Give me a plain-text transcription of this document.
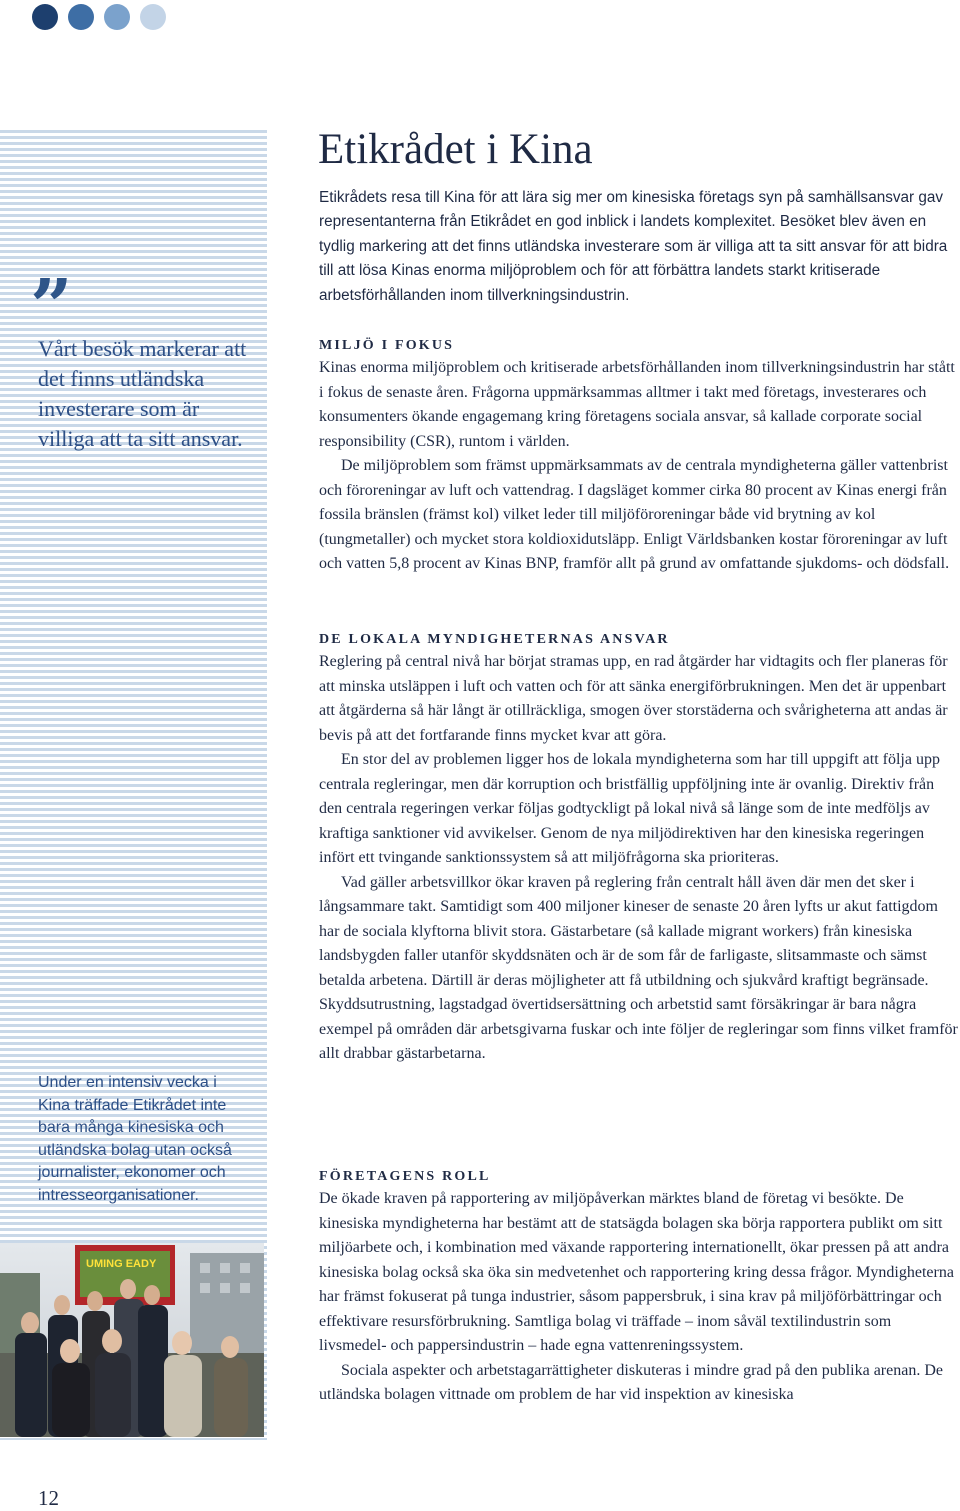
”
Vårt besök markerar att det finns utländska investerare som är villiga att ta sitt ansvar.
Under en intensiv vecka i Kina träffade Etikrådet inte bara många kinesiska och utländska bolag utan också journalister, ekonomer och intresseorganisationer.
UMING EADY
12
Etikrådet i Kina

Etikrådets resa till Kina för att lära sig mer om kinesiska företags syn på samhällsansvar gav representanterna från Etikrådet en god inblick i landets komplexitet. Besöket blev även en tydlig markering att det finns utländska investerare som är villiga att ta sitt ansvar för att bidra till att lösa Kinas enorma miljöproblem och för att förbättra landets starkt kritiserade arbetsförhållanden inom tillverkningsindustrin.

MILJÖ I FOKUS

Kinas enorma miljöproblem och kritiserade arbetsförhållanden inom tillverkningsindustrin har stått i fokus de senaste åren. Frågorna uppmärksammas alltmer i takt med företags, investerares och konsumenters ökande engagemang kring företagens sociala ansvar, så kallade corporate social responsibility (CSR), runtom i världen.

De miljöproblem som främst uppmärksammats av de centrala myndigheterna gäller vattenbrist och föroreningar av luft och vattendrag. I dagsläget kommer cirka 80 procent av Kinas energi från fossila bränslen (främst kol) vilket leder till miljöföroreningar både vid brytning av kol (tungmetaller) och mycket stora koldioxidutsläpp. Enligt Världsbanken kostar föroreningar av luft och vatten 5,8 procent av Kinas BNP, framför allt på grund av omfattande sjukdoms- och dödsfall.

DE LOKALA MYNDIGHETERNAS ANSVAR

Reglering på central nivå har börjat stramas upp, en rad åtgärder har vidtagits och fler planeras för att minska utsläppen i luft och vatten och för att sänka energiförbrukningen. Men det är uppenbart att åtgärderna så här långt är otillräckliga, smogen över storstäderna och svårigheterna att andas är bevis på att det fortfarande finns mycket kvar att göra.

En stor del av problemen ligger hos de lokala myndigheterna som har till uppgift att följa upp centrala regleringar, men där korruption och bristfällig uppföljning inte är ovanlig. Direktiv från den centrala regeringen verkar följas godtyckligt på lokal nivå så länge som de inte medföljs av kraftiga sanktioner vid avvikelser. Genom de nya miljödirektiven har den kinesiska regeringen infört ett tvingande sanktionssystem så att miljöfrågorna ska prioriteras.

Vad gäller arbetsvillkor ökar kraven på reglering från centralt håll även där men det sker i långsammare takt. Samtidigt som 400 miljoner kineser de senaste 20 åren lyfts ur akut fattigdom har de sociala klyftorna blivit stora. Gästarbetare (så kallade migrant workers) från kinesiska landsbygden faller utanför skyddsnäten och är de som får de farligaste, slitsammaste och sämst betalda arbetena. Därtill är deras möjligheter att få utbildning och sjukvård kraftigt begränsade. Skyddsutrustning, lagstadgad övertidsersättning och arbetstid samt försäkringar är bara några exempel på områden där arbetsgivarna fuskar och inte följer de regleringar som finns vilket framför allt drabbar gästarbetarna.

FÖRETAGENS ROLL

De ökade kraven på rapportering av miljöpåverkan märktes bland de företag vi besökte. De kinesiska myndigheterna har bestämt att de statsägda bolagen ska börja rapportera publikt om sitt miljöarbete och, i kombination med växande rapportering internationellt, ökar pressen på att andra kinesiska bolag också ska öka sin medvetenhet och rapportering kring dessa frågor. Myndigheterna har främst fokuserat på tunga industrier, såsom pappersbruk, i sina krav på miljöförbättringar och effektivare resursförbrukning. Samtliga bolag vi träffade – inom såväl textilindustrin som livsmedel- och pappersindustrin – hade egna vattenreningssystem.

Sociala aspekter och arbetstagarrättigheter diskuteras i mindre grad på den publika arenan. De utländska bolagen vittnade om problem de har vid inspektion av kinesiska
